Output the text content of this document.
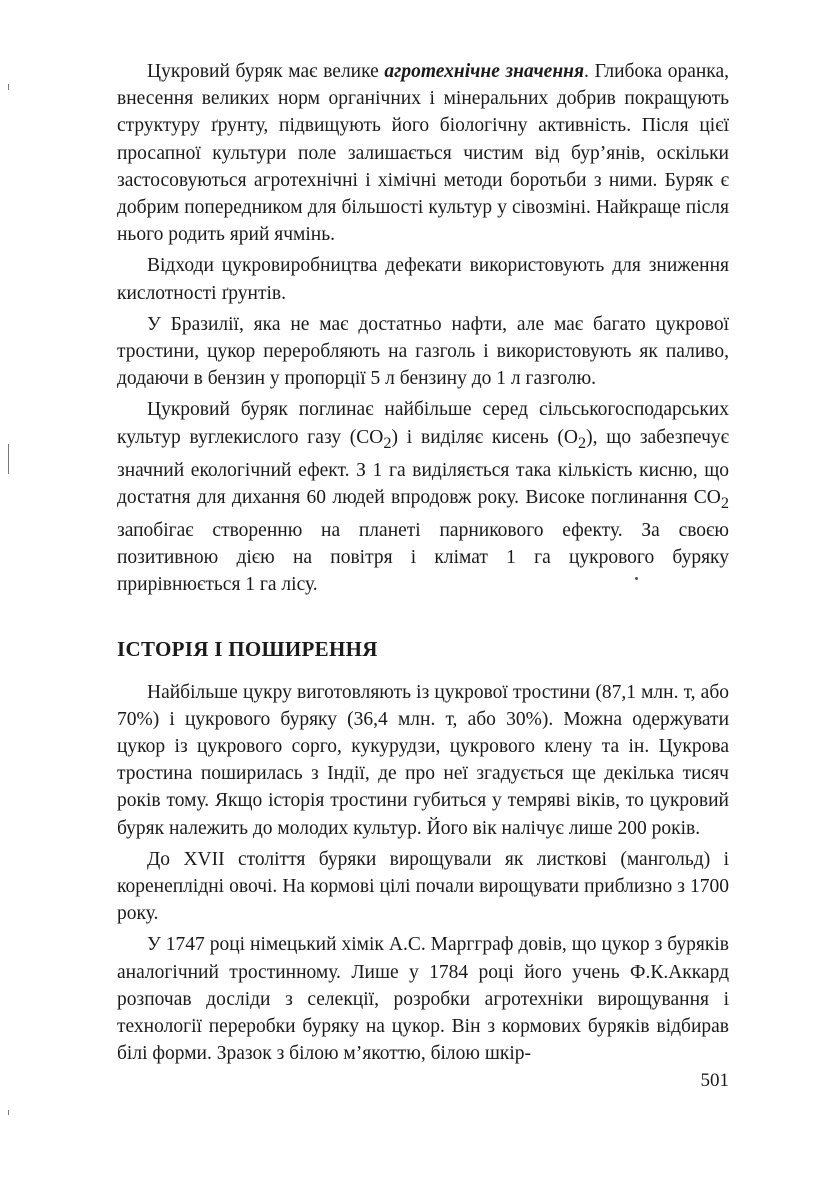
Цукровий буряк має велике агротехнічне значення. Глибока оранка, внесення великих норм органічних і мінеральних добрив покращують структуру ґрунту, підвищують його біологічну активність. Після цієї просапної культури поле залишається чистим від бур’янів, оскільки застосовуються агротехнічні і хімічні методи боротьби з ними. Буряк є добрим попередником для більшості культур у сівозміні. Найкраще після нього родить ярий ячмінь.

Відходи цукровиробництва дефекати використовують для зниження кислотності ґрунтів.

У Бразилії, яка не має достатньо нафти, але має багато цукрової тростини, цукор переробляють на газголь і використовують як паливо, додаючи в бензин у пропорції 5 л бензину до 1 л газголю.

Цукровий буряк поглинає найбільше серед сільськогосподарських культур вуглекислого газу $(CO_2)$ і виділяє кисень $(O_2)$, що забезпечує значний екологічний ефект. З 1 га виділяється така кількість кисню, що достатня для дихання 60 людей впродовж року. Високе поглинання $CO_2$ запобігає створенню на планеті парникового ефекту. За своєю позитивною дією на повітря і клімат 1 га цукрового буряку прирівнюється 1 га лісу.

ІСТОРІЯ І ПОШИРЕННЯ

Найбільше цукру виготовляють із цукрової тростини (87,1 млн. т, або 70%) і цукрового буряку (36,4 млн. т, або 30%). Можна одержувати цукор із цукрового сорго, кукурудзи, цукрового клену та ін. Цукрова тростина поширилась з Індії, де про неї згадується ще декілька тисяч років тому. Якщо історія тростини губиться у темряві віків, то цукровий буряк належить до молодих культур. Його вік налічує лише 200 років.

До XVII століття буряки вирощували як листкові (мангольд) і коренеплідні овочі. На кормові цілі почали вирощувати приблизно з 1700 року.

У 1747 році німецький хімік А.С. Маргграф довів, що цукор з буряків аналогічний тростинному. Лише у 1784 році його учень Ф.К.Аккард розпочав досліди з селекції, розробки агротехніки вирощування і технології переробки буряку на цукор. Він з кормових буряків відбирав білі форми. Зразок з білою м’якоттю, білою шкір-

501
